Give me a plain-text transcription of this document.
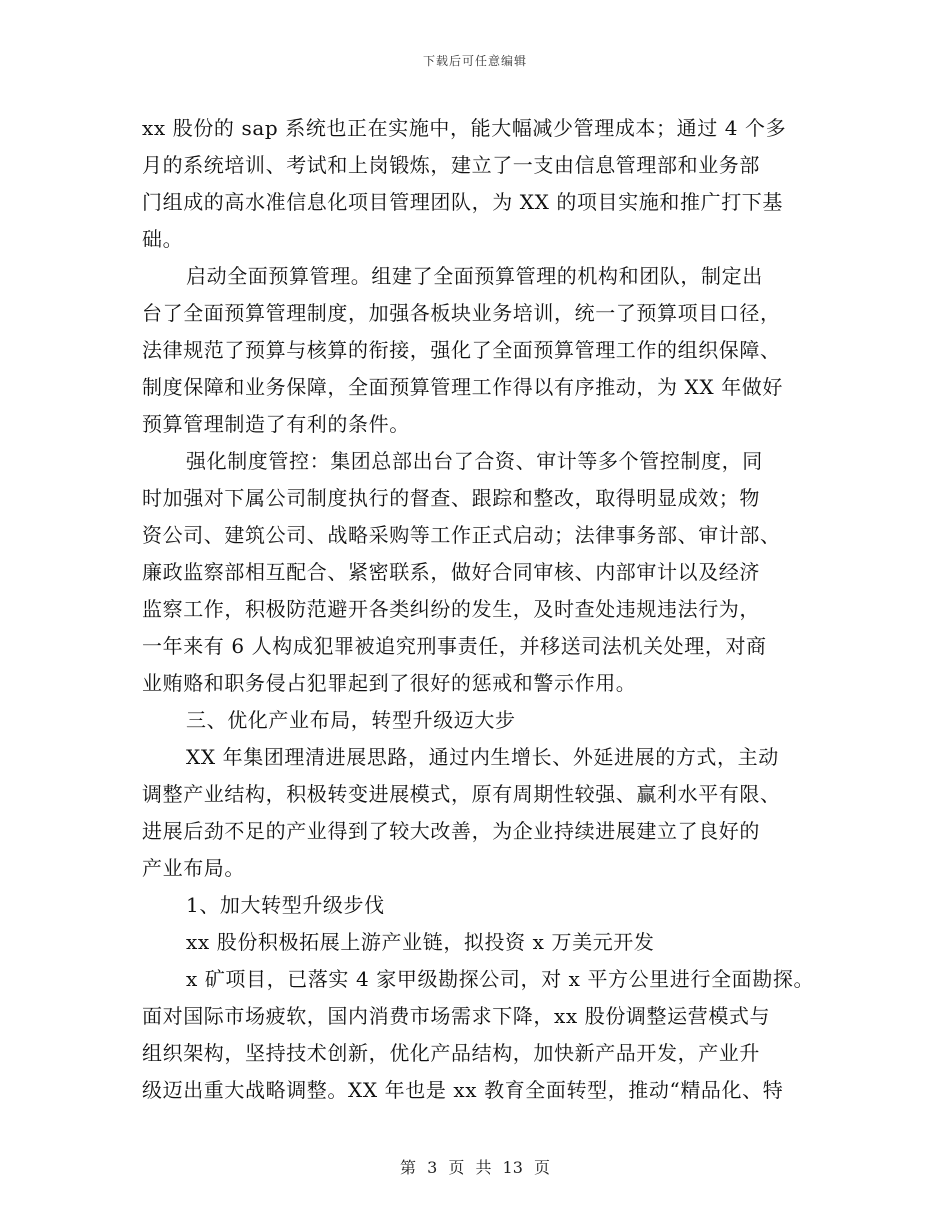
下载后可任意编辑
xx 股份的 sap 系统也正在实施中，能大幅减少管理成本；通过 4 个多
月的系统培训、考试和上岗锻炼，建立了一支由信息管理部和业务部
门组成的高水准信息化项目管理团队，为 XX 的项目实施和推广打下基
础。
启动全面预算管理。组建了全面预算管理的机构和团队，制定出
台了全面预算管理制度，加强各板块业务培训，统一了预算项目口径，
法律规范了预算与核算的衔接，强化了全面预算管理工作的组织保障、
制度保障和业务保障，全面预算管理工作得以有序推动，为 XX 年做好
预算管理制造了有利的条件。
强化制度管控：集团总部出台了合资、审计等多个管控制度，同
时加强对下属公司制度执行的督查、跟踪和整改，取得明显成效；物
资公司、建筑公司、战略采购等工作正式启动；法律事务部、审计部、
廉政监察部相互配合、紧密联系，做好合同审核、内部审计以及经济
监察工作，积极防范避开各类纠纷的发生，及时查处违规违法行为，
一年来有 6 人构成犯罪被追究刑事责任，并移送司法机关处理，对商
业贿赂和职务侵占犯罪起到了很好的惩戒和警示作用。
三、优化产业布局，转型升级迈大步
XX 年集团理清进展思路，通过内生增长、外延进展的方式，主动
调整产业结构，积极转变进展模式，原有周期性较强、赢利水平有限、
进展后劲不足的产业得到了较大改善，为企业持续进展建立了良好的
产业布局。
1、加大转型升级步伐
xx 股份积极拓展上游产业链，拟投资 x 万美元开发
x 矿项目，已落实 4 家甲级勘探公司，对 x 平方公里进行全面勘探。
面对国际市场疲软，国内消费市场需求下降，xx 股份调整运营模式与
组织架构，坚持技术创新，优化产品结构，加快新产品开发，产业升
级迈出重大战略调整。XX 年也是 xx 教育全面转型，推动“精品化、特
第 3 页 共 13 页
